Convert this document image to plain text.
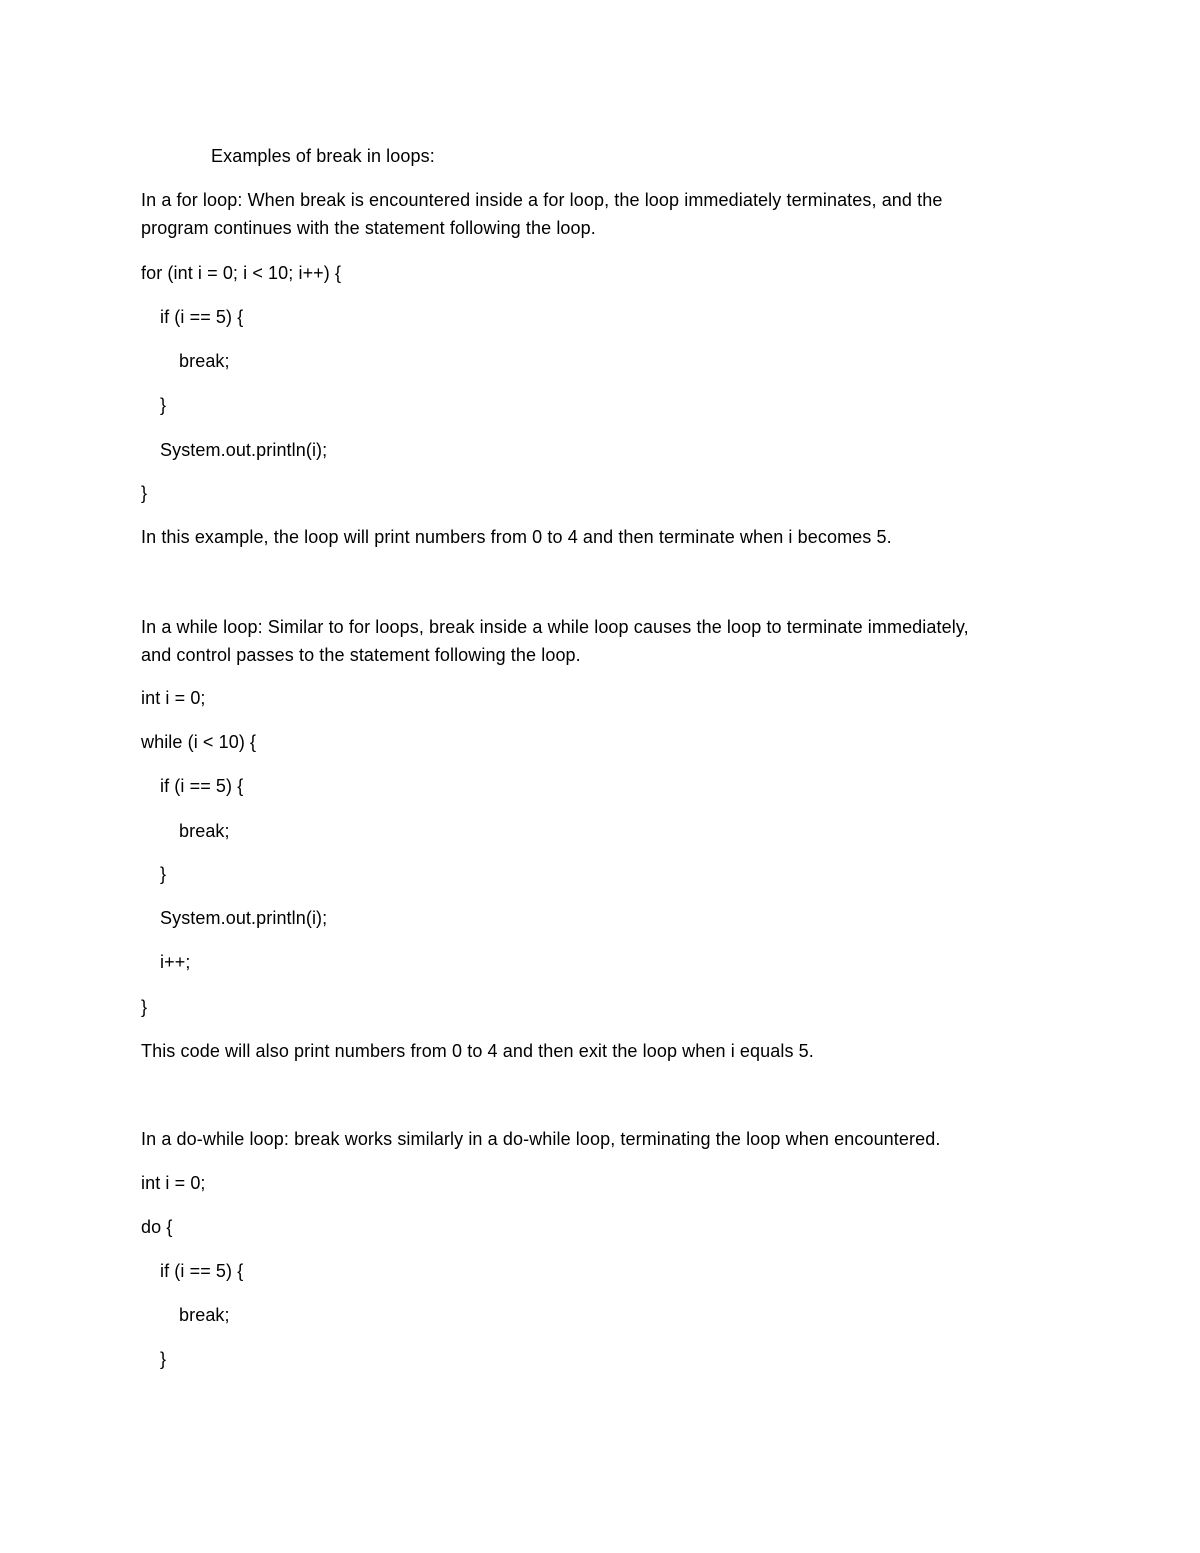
Examples of break in loops:
In a for loop: When break is encountered inside a for loop, the loop immediately terminates, and the
program continues with the statement following the loop.
for (int i = 0; i < 10; i++) {
if (i == 5) {
break;
}
System.out.println(i);
}
In this example, the loop will print numbers from 0 to 4 and then terminate when i becomes 5.
In a while loop: Similar to for loops, break inside a while loop causes the loop to terminate immediately,
and control passes to the statement following the loop.
int i = 0;
while (i < 10) {
if (i == 5) {
break;
}
System.out.println(i);
i++;
}
This code will also print numbers from 0 to 4 and then exit the loop when i equals 5.
In a do-while loop: break works similarly in a do-while loop, terminating the loop when encountered.
int i = 0;
do {
if (i == 5) {
break;
}
